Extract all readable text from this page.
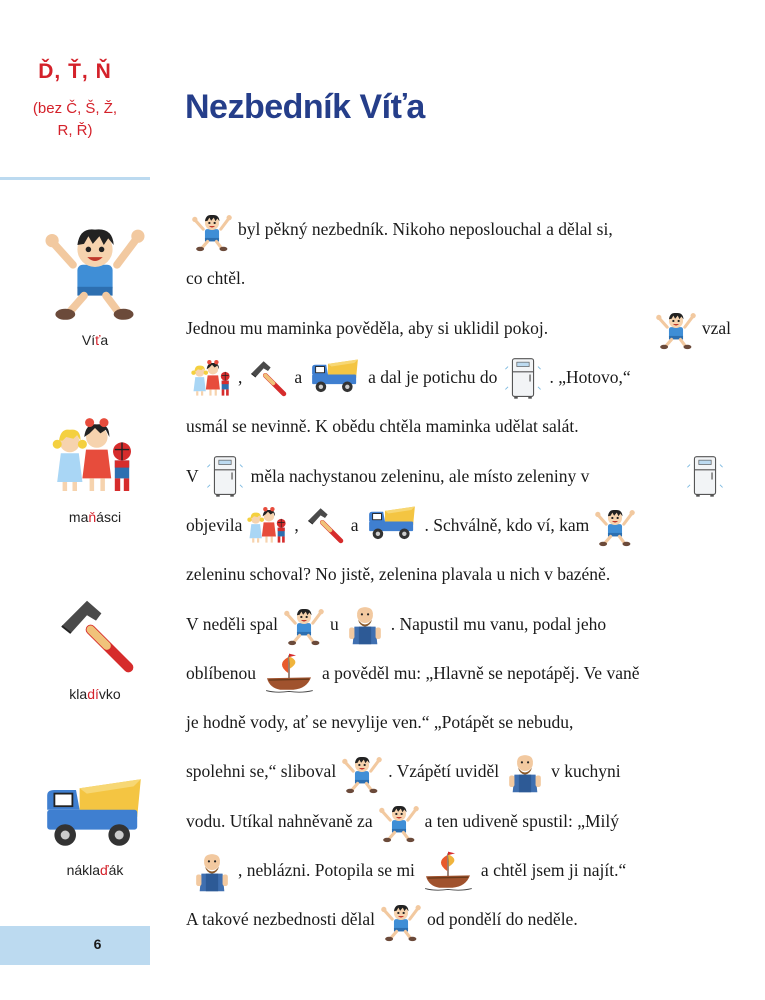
Ď, Ť, Ň
(bez Č, Š, Ž,
R, Ř)
Víťa
maňásci
kladívko
náklaďák
6
Nezbedník Víťa
byl pěkný nezbedník. Nikoho neposlouchal a dělal si,
co chtěl.
Jednou mu maminka pověděla, aby si uklidil pokoj.	vzal
,	a	a dal je potichu do	. „Hotovo,“
usmál se nevinně. K obědu chtěla maminka udělat salát.
V	měla nachystanou zeleninu, ale místo zeleniny v
objevila	,	a	. Schválně, kdo ví, kam
zeleninu schoval? No jistě, zelenina plavala u nich v bazéně.
V neděli spal	u	. Napustil mu vanu, podal jeho
oblíbenou	a pověděl mu: „Hlavně se nepotápěj. Ve vaně
je hodně vody, ať se nevylije ven.“ „Potápět se nebudu,
spolehni se,“ sliboval	. Vzápětí uviděl	v kuchyni
vodu. Utíkal nahněvaně za	a ten udiveně spustil: „Milý
, neblázni. Potopila se mi	a chtěl jsem ji najít.“
A takové nezbednosti dělal	od pondělí do neděle.
